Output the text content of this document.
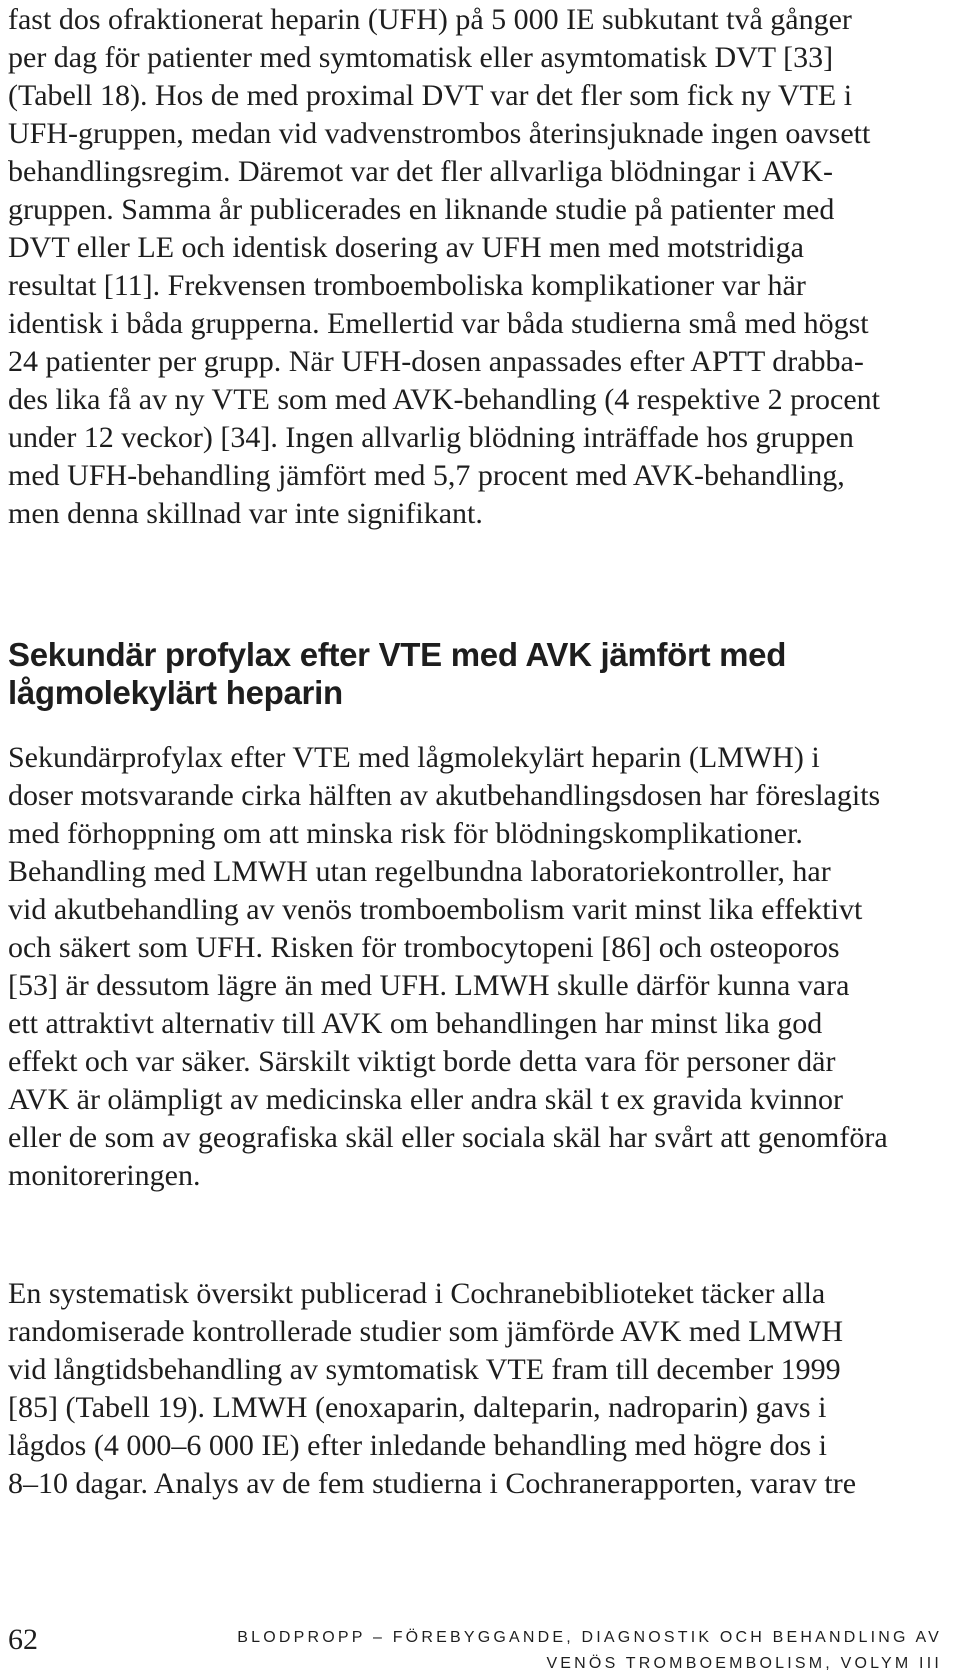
fast dos ofraktionerat heparin (UFH) på 5 000 IE subkutant två gånger
per dag för patienter med symtomatisk eller asymtomatisk DVT [33]
(Tabell 18). Hos de med proximal DVT var det fler som fick ny VTE i
UFH-gruppen, medan vid vadvenstrombos återinsjuknade ingen oavsett
behandlingsregim. Däremot var det fler allvarliga blödningar i AVK-
gruppen. Samma år publicerades en liknande studie på patienter med
DVT eller LE och identisk dosering av UFH men med motstridiga
resultat [11]. Frekvensen tromboemboliska komplikationer var här
identisk i båda grupperna. Emellertid var båda studierna små med högst
24 patienter per grupp. När UFH-dosen anpassades efter APTT drabba-
des lika få av ny VTE som med AVK-behandling (4 respektive 2 procent
under 12 veckor) [34]. Ingen allvarlig blödning inträffade hos gruppen
med UFH-behandling jämfört med 5,7 procent med AVK-behandling,
men denna skillnad var inte signifikant.
Sekundär profylax efter VTE med AVK jämfört med
lågmolekylärt heparin
Sekundärprofylax efter VTE med lågmolekylärt heparin (LMWH) i
doser motsvarande cirka hälften av akutbehandlingsdosen har föreslagits
med förhoppning om att minska risk för blödningskomplikationer.
Behandling med LMWH utan regelbundna laboratoriekontroller, har
vid akutbehandling av venös tromboembolism varit minst lika effektivt
och säkert som UFH. Risken för trombocytopeni [86] och osteoporos
[53] är dessutom lägre än med UFH. LMWH skulle därför kunna vara
ett attraktivt alternativ till AVK om behandlingen har minst lika god
effekt och var säker. Särskilt viktigt borde detta vara för personer där
AVK är olämpligt av medicinska eller andra skäl t ex gravida kvinnor
eller de som av geografiska skäl eller sociala skäl har svårt att genomföra
monitoreringen.
En systematisk översikt publicerad i Cochranebiblioteket täcker alla
randomiserade kontrollerade studier som jämförde AVK med LMWH
vid långtidsbehandling av symtomatisk VTE fram till december 1999
[85] (Tabell 19). LMWH (enoxaparin, dalteparin, nadroparin) gavs i
lågdos (4 000–6 000 IE) efter inledande behandling med högre dos i
8–10 dagar. Analys av de fem studierna i Cochranerapporten, varav tre
62	BLODPROPP – FÖREBYGGANDE, DIAGNOSTIK OCH BEHANDLING AV
VENÖS TROMBOEMBOLISM, VOLYM III
